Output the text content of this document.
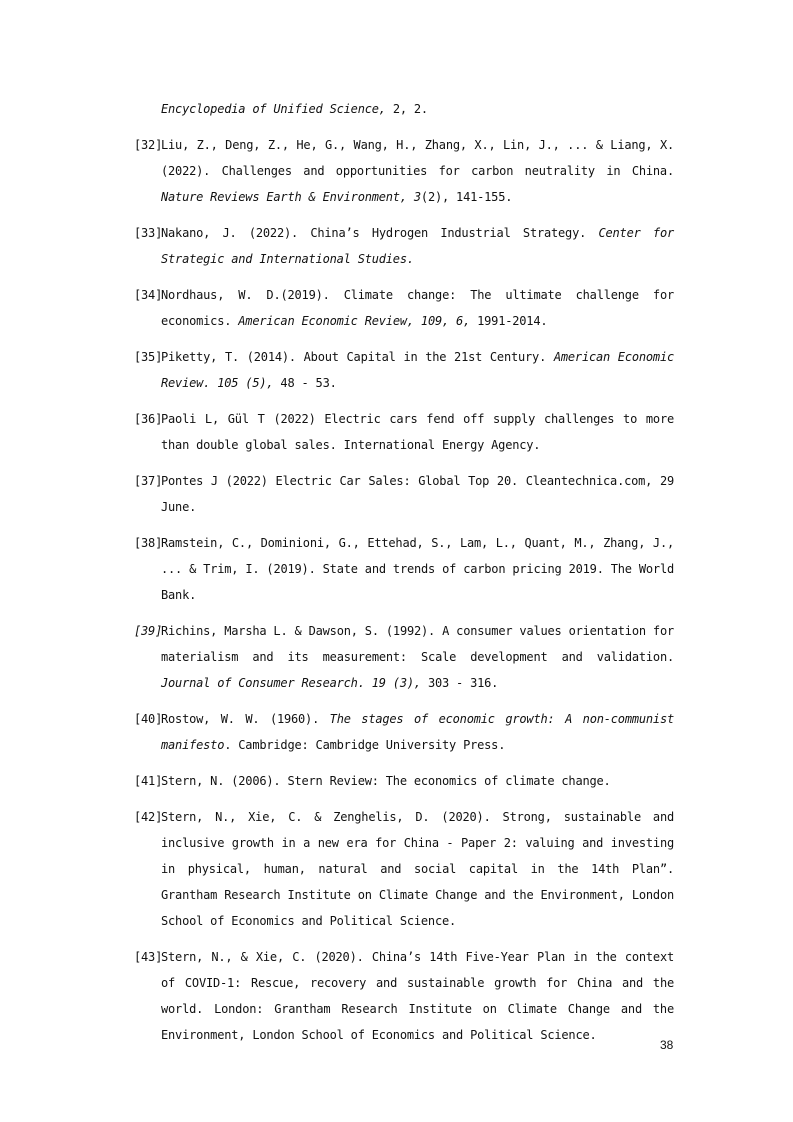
Encyclopedia of Unified Science, 2, 2.
[32]
Liu, Z., Deng, Z., He, G., Wang, H., Zhang, X., Lin, J., ... & Liang, X. (2022). Challenges and opportunities for carbon neutrality in China. Nature Reviews Earth & Environment, 3(2), 141-155.
[33]
Nakano, J. (2022). China’s Hydrogen Industrial Strategy. Center for Strategic and International Studies.
[34]
Nordhaus, W. D.(2019). Climate change: The ultimate challenge for economics. American Economic Review, 109, 6, 1991-2014.
[35]
Piketty, T. (2014). About Capital in the 21st Century. American Economic Review. 105 (5), 48 - 53.
[36]
Paoli L, Gül T (2022) Electric cars fend off supply challenges to more than double global sales. International Energy Agency.
[37]
Pontes J (2022) Electric Car Sales: Global Top 20. Cleantechnica.com, 29 June.
[38]
Ramstein, C., Dominioni, G., Ettehad, S., Lam, L., Quant, M., Zhang, J., ... & Trim, I. (2019). State and trends of carbon pricing 2019. The World Bank.
[39]
Richins, Marsha L. & Dawson, S. (1992). A consumer values orientation for materialism and its measurement: Scale development and validation. Journal of Consumer Research. 19 (3), 303 - 316.
[40]
Rostow, W. W. (1960). The stages of economic growth: A non-communist manifesto. Cambridge: Cambridge University Press.
[41]
Stern, N. (2006). Stern Review: The economics of climate change.
[42]
Stern, N., Xie, C. & Zenghelis, D. (2020). Strong, sustainable and inclusive growth in a new era for China - Paper 2: valuing and investing in physical, human, natural and social capital in the 14th Plan”. Grantham Research Institute on Climate Change and the Environment, London School of Economics and Political Science.
[43]
Stern, N., & Xie, C. (2020). China’s 14th Five-Year Plan in the context of COVID-1: Rescue, recovery and sustainable growth for China and the world. London: Grantham Research Institute on Climate Change and the Environment, London School of Economics and Political Science.
38
